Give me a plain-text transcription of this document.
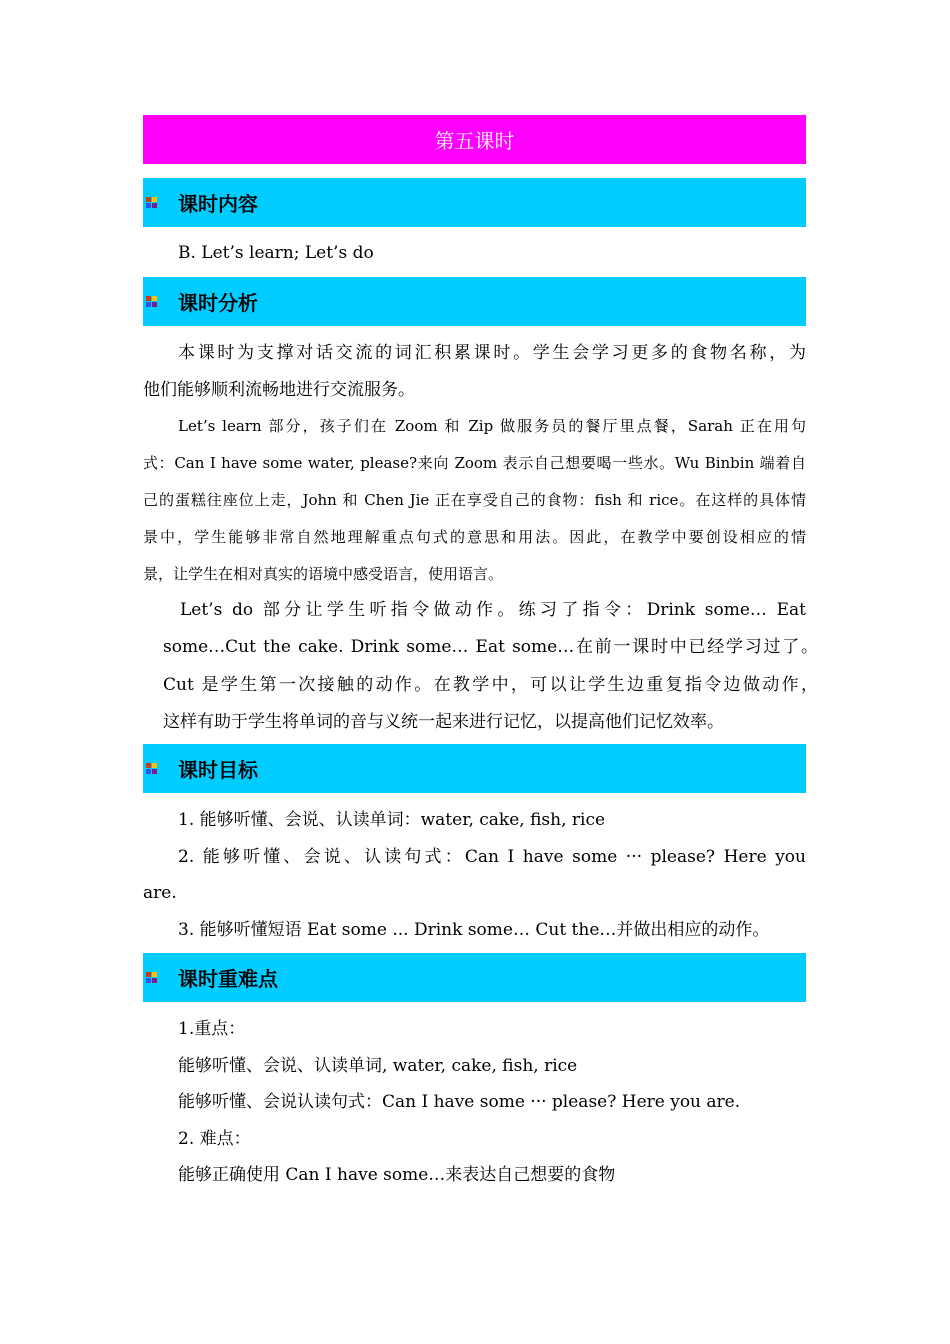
第五课时
课时内容
B. Let’s learn; Let’s do
课时分析
本课时为支撑对话交流的词汇积累课时。学生会学习更多的食物名称，为
他们能够顺利流畅地进行交流服务。
Let’s learn 部分，孩子们在 Zoom 和 Zip 做服务员的餐厅里点餐，Sarah 正在用句
式：Can I have some water, please?来向 Zoom 表示自己想要喝一些水。Wu Binbin 端着自
己的蛋糕往座位上走，John 和 Chen Jie 正在享受自己的食物：fish 和 rice。在这样的具体情
景中，学生能够非常自然地理解重点句式的意思和用法。因此，在教学中要创设相应的情
景，让学生在相对真实的语境中感受语言，使用语言。
Let’s do 部分让学生听指令做动作。练习了指令：Drink some… Eat
some…Cut the cake. Drink some… Eat some…在前一课时中已经学习过了。
Cut 是学生第一次接触的动作。在教学中，可以让学生边重复指令边做动作，
这样有助于学生将单词的音与义统一起来进行记忆，以提高他们记忆效率。
课时目标
1. 能够听懂、会说、认读单词：water, cake, fish, rice
2. 能够听懂、会说、认读句式：Can I have some ··· please? Here you
are.
3. 能够听懂短语 Eat some ... Drink some… Cut the…并做出相应的动作。
课时重难点
1.重点：
能够听懂、会说、认读单词, water, cake, fish, rice
能够听懂、会说认读句式：Can I have some ··· please? Here you are.
2. 难点：
能够正确使用 Can I have some…来表达自己想要的食物
